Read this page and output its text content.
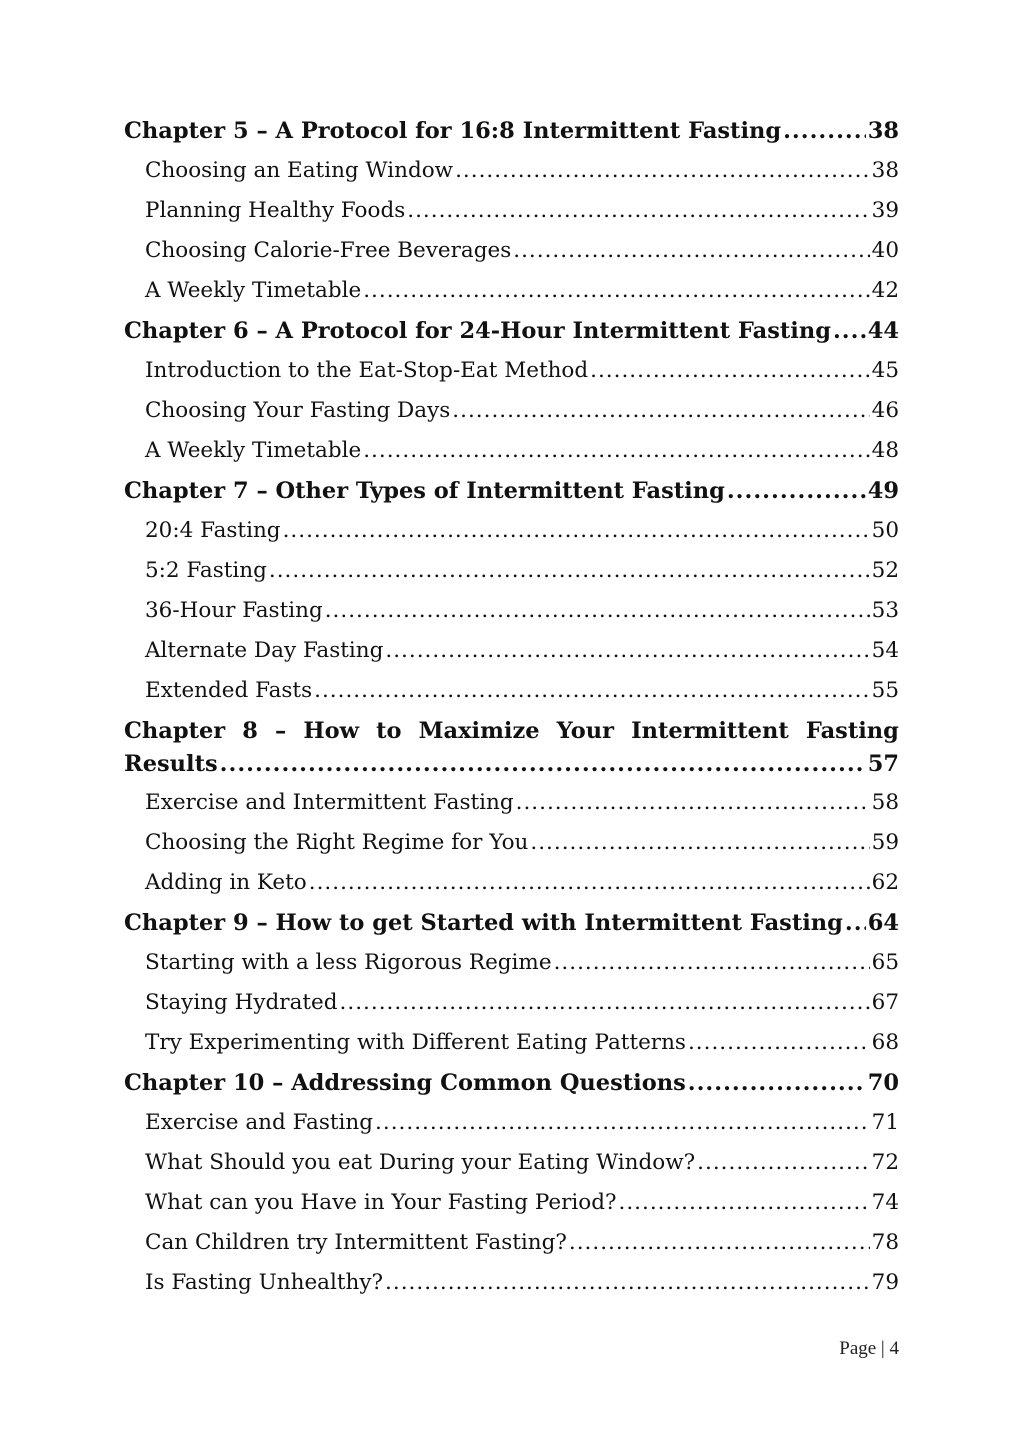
Chapter 5 – A Protocol for 16:8 Intermittent Fasting .....	38
Choosing an Eating Window .....	38
Planning Healthy Foods .....	39
Choosing Calorie-Free Beverages .....	40
A Weekly Timetable .....	42
Chapter 6 – A Protocol for 24-Hour Intermittent Fasting ..... 44
Introduction to the Eat-Stop-Eat Method .....	45
Choosing Your Fasting Days .....	46
A Weekly Timetable .....	48
Chapter 7 – Other Types of Intermittent Fasting .....	49
20:4 Fasting .....	50
5:2 Fasting .....	52
36-Hour Fasting .....	53
Alternate Day Fasting .....	54
Extended Fasts .....	55
Chapter 8 – How to Maximize Your Intermittent Fasting
Results .....	57
Exercise and Intermittent Fasting .....	58
Choosing the Right Regime for You .....	59
Adding in Keto .....	62
Chapter 9 – How to get Started with Intermittent Fasting ..... 64
Starting with a less Rigorous Regime .....	65
Staying Hydrated .....	67
Try Experimenting with Different Eating Patterns .....	68
Chapter 10 – Addressing Common Questions .....	70
Exercise and Fasting .....	71
What Should you eat During your Eating Window? .....	72
What can you Have in Your Fasting Period? .....	74
Can Children try Intermittent Fasting? .....	78
Is Fasting Unhealthy? .....	79
Page | 4
